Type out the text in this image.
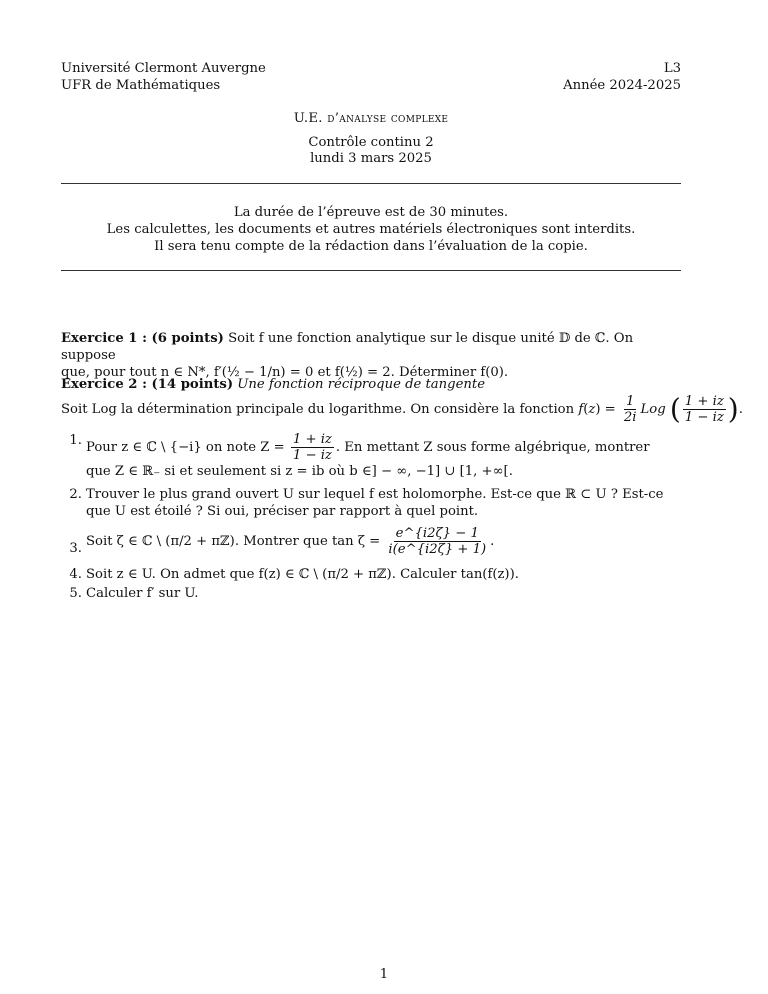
Université Clermont Auvergne
UFR de Mathématiques
L3
Année 2024-2025
U.E. d’analyse complexe
Contrôle continu 2
lundi 3 mars 2025
La durée de l’épreuve est de 30 minutes.
Les calculettes, les documents et autres matériels électroniques sont interdits.
Il sera tenu compte de la rédaction dans l’évaluation de la copie.
Exercice 1 : (6 points) Soit f une fonction analytique sur le disque unité 𝔻 de ℂ. On suppose
que, pour tout n ∈ N*, f′(½ − 1/n) = 0 et f(½) = 2. Déterminer f(0).
Exercice 2 : (14 points) Une fonction réciproque de tangente
Soit Log la détermination principale du logarithme. On considère la fonction $f(z) = \frac{1}{2i}$ Log ( $\frac{1 + iz}{1 - iz}$ ).
1. Pour z ∈ ℂ \ {−i} on note $Z = \frac{1 + iz}{1 - iz}$ . En mettant Z sous forme algébrique, montrer
que Z ∈ ℝ₋ si et seulement si z = ib où b ∈] − ∞, −1] ∪ [1, +∞[.
2. Trouver le plus grand ouvert U sur lequel f est holomorphe. Est-ce que ℝ ⊂ U ? Est-ce
que U est étoilé ? Si oui, préciser par rapport à quel point.
3. Soit ζ ∈ ℂ \ (π/2 + πℤ). Montrer que $\tan \zeta = \frac{e\^{}\{i2\zeta\} - 1}{i(e\^{}\{i2\zeta\} + 1)}$ .
4. Soit z ∈ U. On admet que f(z) ∈ ℂ \ (π/2 + πℤ). Calculer tan(f(z)).
5. Calculer f′ sur U.
1
